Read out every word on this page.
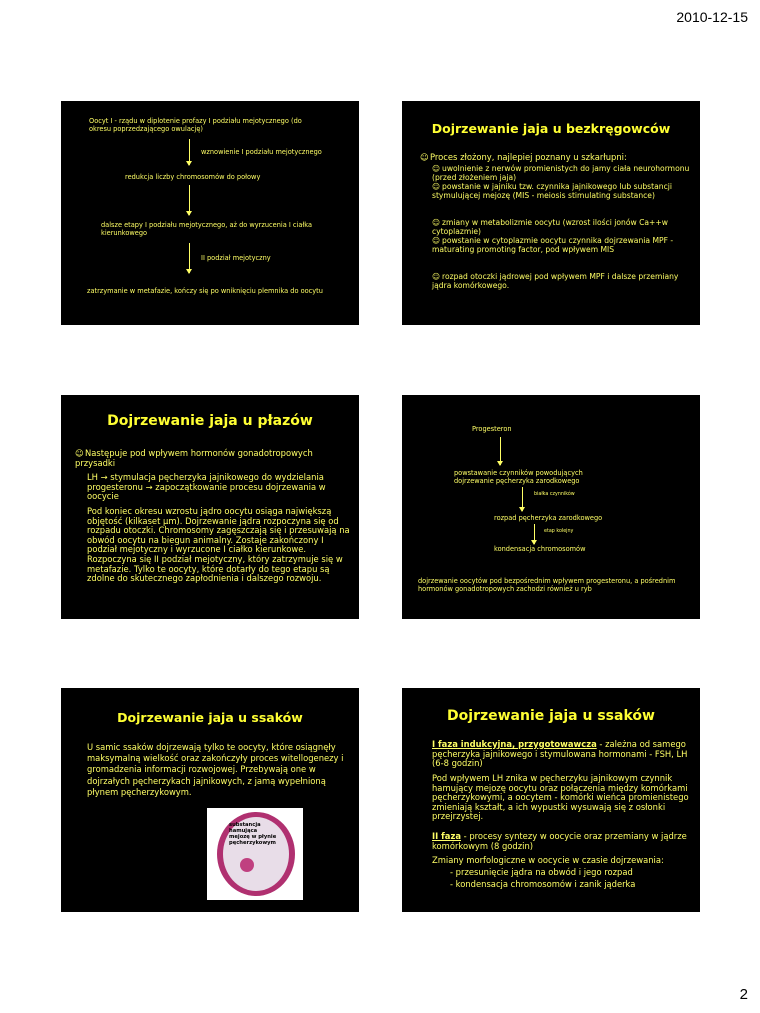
2010-12-15
Oocyt I - rządu w diplotenie profazy I podziału mejotycznego (do okresu poprzedzającego owulację)
wznowienie I podziału mejotycznego
redukcja liczby chromosomów do połowy
dalsze etapy I podziału mejotycznego, aż do wyrzucenia I ciałka kierunkowego
II podział mejotyczny
zatrzymanie w metafazie, kończy się po wniknięciu plemnika do oocytu
Dojrzewanie jaja u bezkręgowców
☺Proces złożony, najlepiej poznany u szkarłupni:
☺ uwolnienie z nerwów promienistych do jamy ciała neurohormonu (przed złożeniem jaja)
☺ powstanie w jajniku tzw. czynnika jajnikowego lub substancji stymulującej mejozę (MIS - meiosis stimulating substance)
☺ zmiany w metabolizmie oocytu (wzrost ilości jonów Ca++w cytoplazmie)
☺ powstanie w cytoplazmie oocytu czynnika dojrzewania MPF - maturating promoting factor, pod wpływem MIS
☺ rozpad otoczki jądrowej pod wpływem MPF i dalsze przemiany jądra komórkowego.
Dojrzewanie jaja u płazów
☺Następuje pod wpływem hormonów gonadotropowych przysadki
LH → stymulacja pęcherzyka jajnikowego do wydzielania progesteronu → zapoczątkowanie procesu dojrzewania w oocycie
Pod koniec okresu wzrostu jądro oocytu osiąga największą objętość (kilkaset µm). Dojrzewanie jądra rozpoczyna się od rozpadu otoczki. Chromosomy zagęszczają się i przesuwają na obwód oocytu na biegun animalny. Zostaje zakończony I podział mejotyczny i wyrzucone I ciałko kierunkowe. Rozpoczyna się II podział mejotyczny, który zatrzymuje się w metafazie. Tylko te oocyty, które dotarły do tego etapu są zdolne do skutecznego zapłodnienia i dalszego rozwoju.
Progesteron
powstawanie czynników powodujących dojrzewanie pęcherzyka zarodkowego
białka czynników
rozpad pęcherzyka zarodkowego
etap kolejny
kondensacja chromosomów
dojrzewanie oocytów pod bezpośrednim wpływem progesteronu, a pośrednim hormonów gonadotropowych zachodzi również u ryb
Dojrzewanie jaja u ssaków
U samic ssaków dojrzewają tylko te oocyty, które osiągnęły maksymalną wielkość oraz zakończyły proces witellogenezy i gromadzenia informacji rozwojowej. Przebywają one w dojrzałych pęcherzykach jajnikowych, z jamą wypełnioną płynem pęcherzykowym.
substancja hamująca mejozę w płynie pęcherzykowym
Dojrzewanie jaja u ssaków
I faza indukcyjna, przygotowawcza - zależna od samego pęcherzyka jajnikowego i stymulowana hormonami - FSH, LH (6-8 godzin)
Pod wpływem LH znika w pęcherzyku jajnikowym czynnik hamujący mejozę oocytu oraz połączenia między komórkami pęcherzykowymi, a oocytem - komórki wieńca promienistego zmieniają kształt, a ich wypustki wysuwają się z osłonki przejrzystej.
II faza - procesy syntezy w oocycie oraz przemiany w jądrze komórkowym (8 godzin)
Zmiany morfologiczne w oocycie w czasie dojrzewania:
- przesunięcie jądra na obwód i jego rozpad
- kondensacja chromosomów i zanik jąderka
2
